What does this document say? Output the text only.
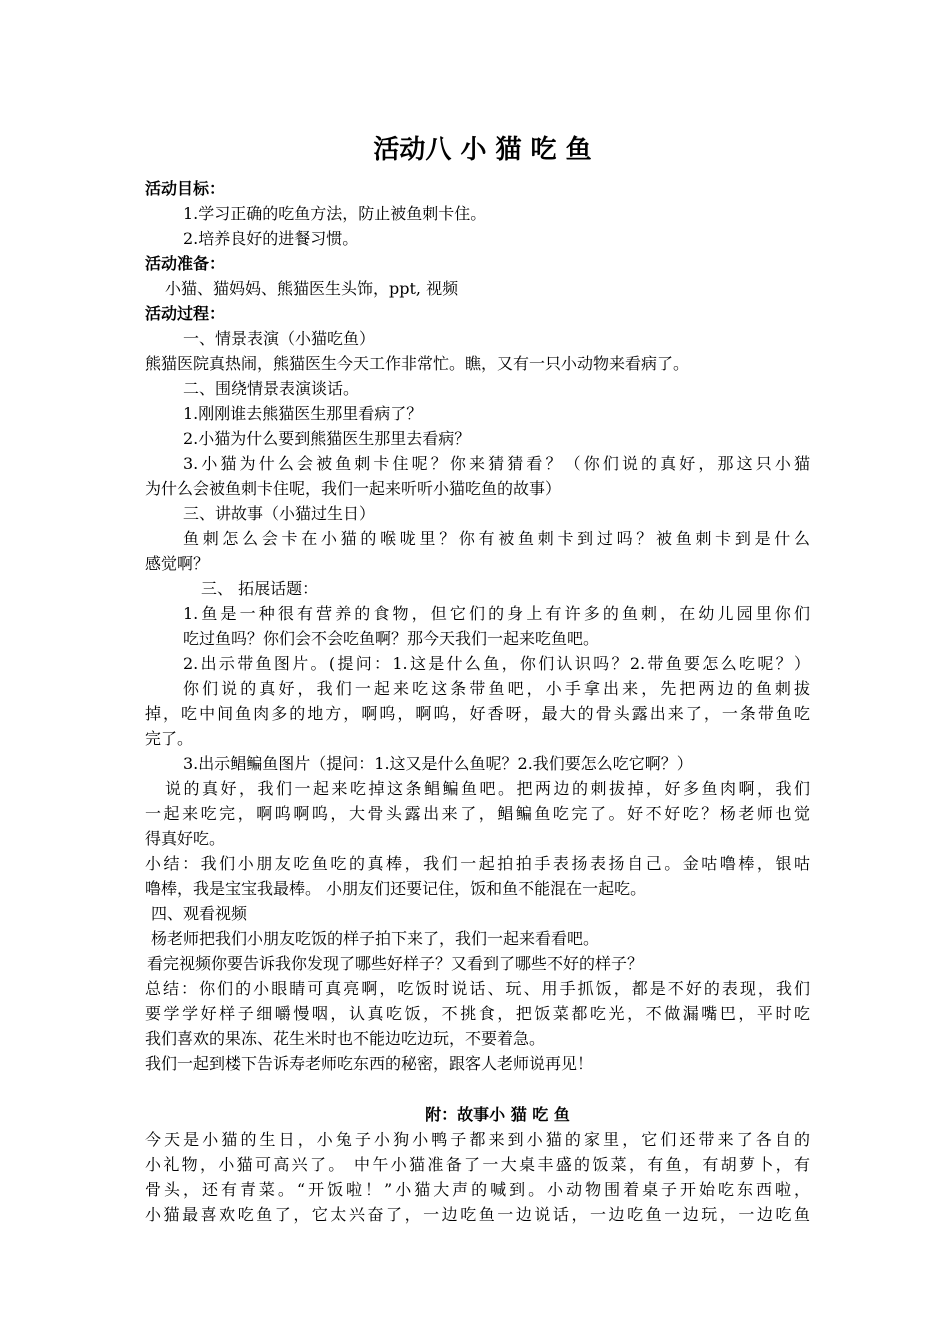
活动八 小 猫 吃 鱼
活动目标：
1.学习正确的吃鱼方法，防止被鱼刺卡住。
2.培养良好的进餐习惯。
活动准备：
小猫、猫妈妈、熊猫医生头饰，ppt, 视频
活动过程：
一、情景表演（小猫吃鱼）
熊猫医院真热闹，熊猫医生今天工作非常忙。瞧，又有一只小动物来看病了。
二、围绕情景表演谈话。
1.刚刚谁去熊猫医生那里看病了？
2.小猫为什么要到熊猫医生那里去看病？
3.小猫为什么会被鱼刺卡住呢？你来猜猜看？（你们说的真好，那这只小猫
为什么会被鱼刺卡住呢，我们一起来听听小猫吃鱼的故事）
三、讲故事（小猫过生日）
鱼刺怎么会卡在小猫的喉咙里？你有被鱼刺卡到过吗？被鱼刺卡到是什么
感觉啊？
三、 拓展话题：
1.鱼是一种很有营养的食物，但它们的身上有许多的鱼刺，在幼儿园里你们
吃过鱼吗？你们会不会吃鱼啊？那今天我们一起来吃鱼吧。
2.出示带鱼图片。(提问：1.这是什么鱼，你们认识吗？2.带鱼要怎么吃呢？）
你们说的真好，我们一起来吃这条带鱼吧，小手拿出来，先把两边的鱼刺拔
掉，吃中间鱼肉多的地方，啊呜，啊呜，好香呀，最大的骨头露出来了，一条带鱼吃
完了。
3.出示鲳鳊鱼图片（提问：1.这又是什么鱼呢？2.我们要怎么吃它啊？）
说的真好，我们一起来吃掉这条鲳鳊鱼吧。把两边的刺拔掉，好多鱼肉啊，我们
一起来吃完，啊呜啊呜，大骨头露出来了，鲳鳊鱼吃完了。好不好吃？杨老师也觉
得真好吃。
小结：我们小朋友吃鱼吃的真棒，我们一起拍拍手表扬表扬自己。金咕噜棒，银咕
噜棒，我是宝宝我最棒。 小朋友们还要记住，饭和鱼不能混在一起吃。
四、观看视频
杨老师把我们小朋友吃饭的样子拍下来了，我们一起来看看吧。
看完视频你要告诉我你发现了哪些好样子？又看到了哪些不好的样子？
总结：你们的小眼睛可真亮啊，吃饭时说话、玩、用手抓饭，都是不好的表现，我们
要学学好样子细嚼慢咽，认真吃饭，不挑食，把饭菜都吃光，不做漏嘴巴，平时吃
我们喜欢的果冻、花生米时也不能边吃边玩，不要着急。
我们一起到楼下告诉寿老师吃东西的秘密，跟客人老师说再见！
附：故事小 猫 吃 鱼
今天是小猫的生日，小兔子小狗小鸭子都来到小猫的家里，它们还带来了各自的
小礼物，小猫可高兴了。 中午小猫准备了一大桌丰盛的饭菜，有鱼，有胡萝卜，有
骨头，还有青菜。“开饭啦！”小猫大声的喊到。小动物围着桌子开始吃东西啦，
小猫最喜欢吃鱼了，它太兴奋了，一边吃鱼一边说话，一边吃鱼一边玩，一边吃鱼
